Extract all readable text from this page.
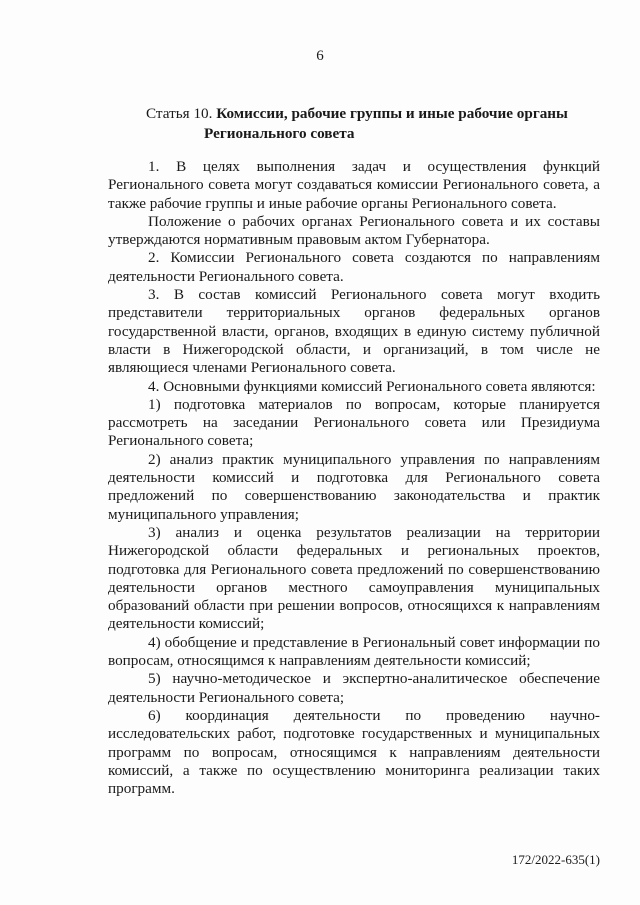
6
Статья 10. Комиссии, рабочие группы и иные рабочие органы
Регионального совета

1. В целях выполнения задач и осуществления функций Регионального совета могут создаваться комиссии Регионального совета, а также рабочие группы и иные рабочие органы Регионального совета.

Положение о рабочих органах Регионального совета и их составы утверждаются нормативным правовым актом Губернатора.

2. Комиссии Регионального совета создаются по направлениям деятельности Регионального совета.

3. В состав комиссий Регионального совета могут входить представители территориальных органов федеральных органов государственной власти, органов, входящих в единую систему публичной власти в Нижегородской области, и организаций, в том числе не являющиеся членами Регионального совета.

4. Основными функциями комиссий Регионального совета являются:

1) подготовка материалов по вопросам, которые планируется рассмотреть на заседании Регионального совета или Президиума Регионального совета;

2) анализ практик муниципального управления по направлениям деятельности комиссий и подготовка для Регионального совета предложений по совершенствованию законодательства и практик муниципального управления;

3) анализ и оценка результатов реализации на территории Нижегородской области федеральных и региональных проектов, подготовка для Регионального совета предложений по совершенствованию деятельности органов местного самоуправления муниципальных образований области при решении вопросов, относящихся к направлениям деятельности комиссий;

4) обобщение и представление в Региональный совет информации по вопросам, относящимся к направлениям деятельности комиссий;

5) научно-методическое и экспертно-аналитическое обеспечение деятельности Регионального совета;

6) координация деятельности по проведению научно-исследовательских работ, подготовке государственных и муниципальных программ по вопросам, относящимся к направлениям деятельности комиссий, а также по осуществлению мониторинга реализации таких программ.

172/2022-635(1)
